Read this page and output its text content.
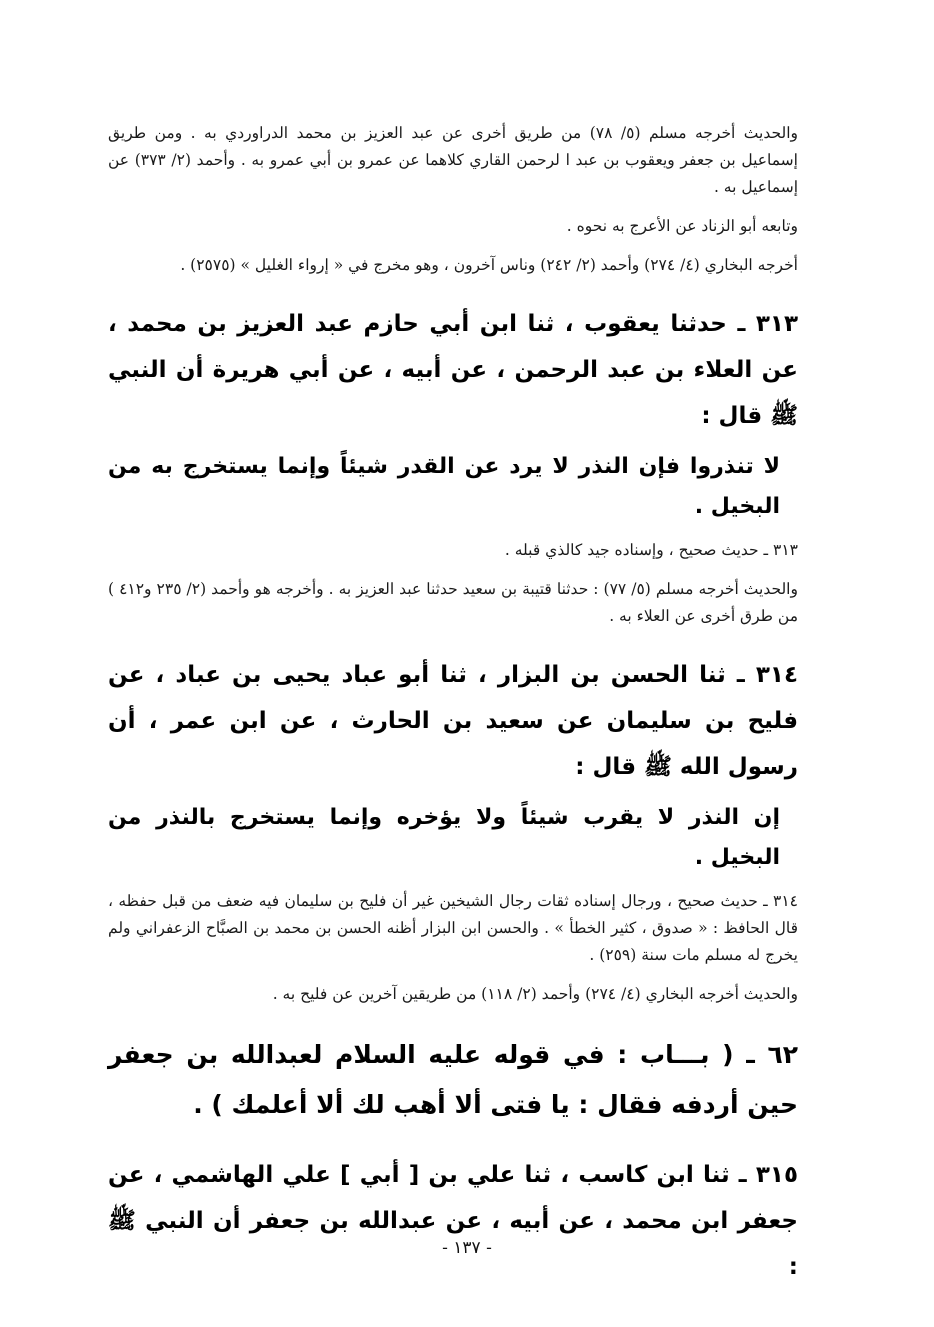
والحديث أخرجه مسلم (٥/ ٧٨) من طريق أخرى عن عبد العزيز بن محمد الدراوردي به . ومن طريق إسماعيل بن جعفر ويعقوب بن عبد ا لرحمن القاري كلاهما عن عمرو بن أبي عمرو به . وأحمد (٢/ ٣٧٣) عن إسماعيل به .

وتابعه أبو الزناد عن الأعرج به نحوه .

أخرجه البخاري (٤/ ٢٧٤) وأحمد (٢/ ٢٤٢) وناس آخرون ، وهو مخرج في « إرواء الغليل » (٢٥٧٥) .

٣١٣ ـ حدثنا يعقوب ، ثنا ابن أبي حازم عبد العزيز بن محمد ، عن العلاء بن عبد الرحمن ، عن أبيه ، عن أبي هريرة أن النبي ﷺ قال :

لا تنذروا فإن النذر لا يرد عن القدر شيئاً وإنما يستخرج به من البخيل .

٣١٣ ـ حديث صحيح ، وإسناده جيد كالذي قبله .

والحديث أخرجه مسلم (٥/ ٧٧) : حدثنا قتيبة بن سعيد حدثنا عبد العزيز به . وأخرجه هو وأحمد (٢/ ٢٣٥ و٤١٢ ) من طرق أخرى عن العلاء به .

٣١٤ ـ ثنا الحسن بن البزار ، ثنا أبو عباد يحيى بن عباد ، عن فليح بن سليمان عن سعيد بن الحارث ، عن ابن عمر ، أن رسول الله ﷺ قال :

إن النذر لا يقرب شيئاً ولا يؤخره وإنما يستخرج بالنذر من البخيل .

٣١٤ ـ حديث صحيح ، ورجال إسناده ثقات رجال الشيخين غير أن فليح بن سليمان فيه ضعف من قبل حفظه ، قال الحافظ : « صدوق ، كثير الخطأ » . والحسن ابن البزار أظنه الحسن بن محمد بن الصبَّاح الزعفراني ولم يخرج له مسلم مات سنة (٢٥٩) .

والحديث أخرجه البخاري (٤/ ٢٧٤) وأحمد (٢/ ١١٨) من طريقين آخرين عن فليح به .

٦٢ ـ ( بـــاب : في قوله عليه السلام لعبدالله بن جعفر حين أردفه فقال : يا فتى ألا أهب لك ألا أعلمك ) .

٣١٥ ـ ثنا ابن كاسب ، ثنا علي بن [ أبي ] علي الهاشمي ، عن جعفر ابن محمد ، عن أبيه ، عن عبدالله بن جعفر أن النبي ﷺ :

- ١٣٧ -
